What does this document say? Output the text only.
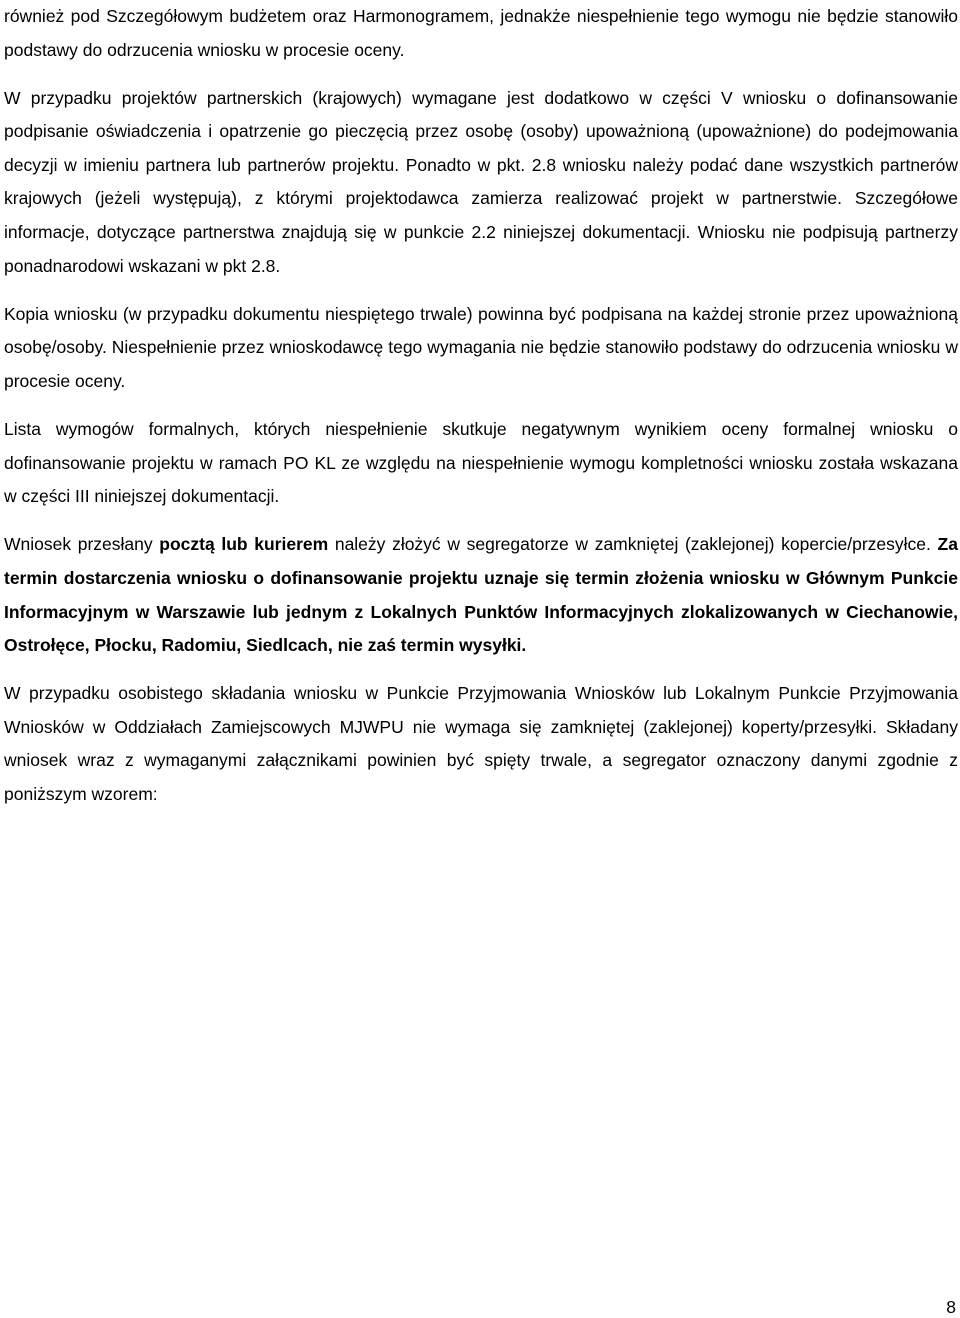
również pod Szczegółowym budżetem oraz Harmonogramem, jednakże niespełnienie tego wymogu nie będzie stanowiło podstawy do odrzucenia wniosku w procesie oceny.

W przypadku projektów partnerskich (krajowych) wymagane jest dodatkowo w części V wniosku o dofinansowanie podpisanie oświadczenia i opatrzenie go pieczęcią przez osobę (osoby) upoważnioną (upoważnione) do podejmowania decyzji w imieniu partnera lub partnerów projektu. Ponadto w pkt. 2.8 wniosku należy podać dane wszystkich partnerów krajowych (jeżeli występują), z którymi projektodawca zamierza realizować projekt w partnerstwie. Szczegółowe informacje, dotyczące partnerstwa znajdują się w punkcie 2.2 niniejszej dokumentacji. Wniosku nie podpisują partnerzy ponadnarodowi wskazani w pkt 2.8.

Kopia wniosku (w przypadku dokumentu niespiętego trwale) powinna być podpisana na każdej stronie przez upoważnioną osobę/osoby. Niespełnienie przez wnioskodawcę tego wymagania nie będzie stanowiło podstawy do odrzucenia wniosku w procesie oceny.

Lista wymogów formalnych, których niespełnienie skutkuje negatywnym wynikiem oceny formalnej wniosku o dofinansowanie projektu w ramach PO KL ze względu na niespełnienie wymogu kompletności wniosku została wskazana w części III niniejszej dokumentacji.

Wniosek przesłany pocztą lub kurierem należy złożyć w segregatorze w zamkniętej (zaklejonej) kopercie/przesyłce. Za termin dostarczenia wniosku o dofinansowanie projektu uznaje się termin złożenia wniosku w Głównym Punkcie Informacyjnym w Warszawie lub jednym z Lokalnych Punktów Informacyjnych zlokalizowanych w Ciechanowie, Ostrołęce, Płocku, Radomiu, Siedlcach, nie zaś termin wysyłki.

W przypadku osobistego składania wniosku w Punkcie Przyjmowania Wniosków lub Lokalnym Punkcie Przyjmowania Wniosków w Oddziałach Zamiejscowych MJWPU nie wymaga się zamkniętej (zaklejonej) koperty/przesyłki. Składany wniosek wraz z wymaganymi załącznikami powinien być spięty trwale, a segregator oznaczony danymi zgodnie z poniższym wzorem:

8
